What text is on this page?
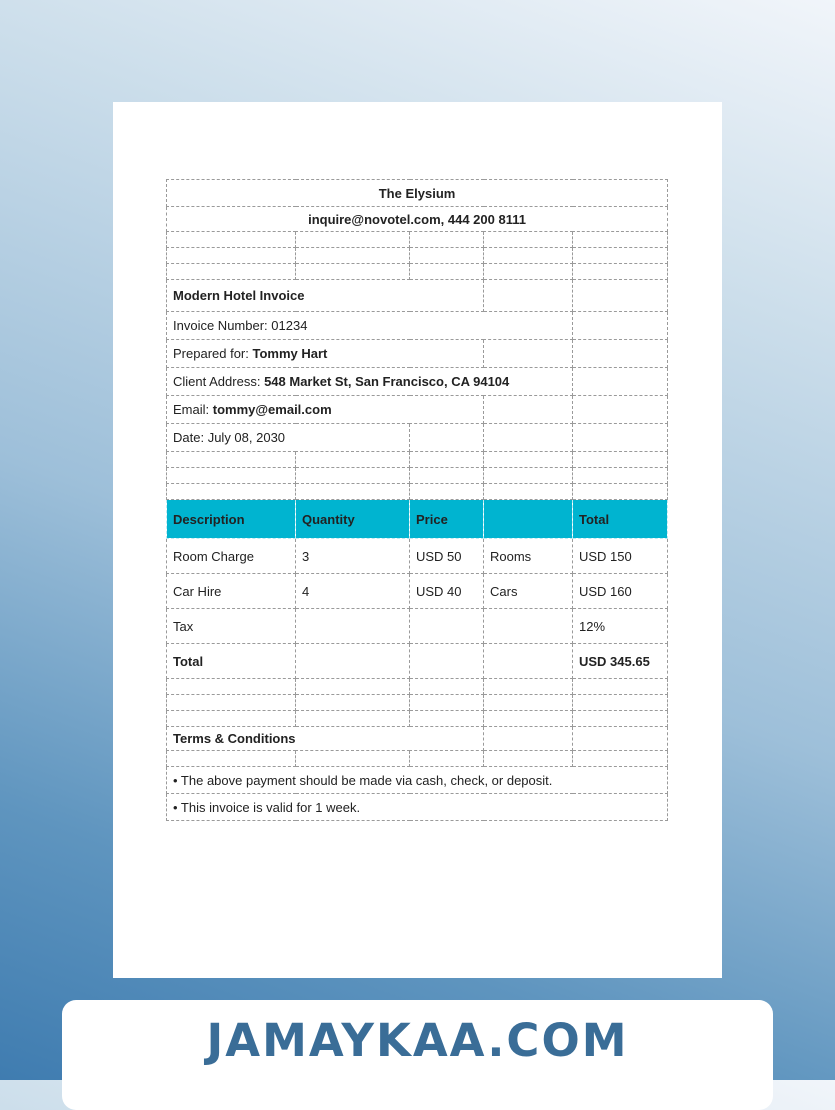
The Elysium				
inquire@novotel.com, 444 200 8111				

Modern Hotel Invoice				
Invoice Number: 01234				
Prepared for: Tommy Hart				
Client Address: 548 Market St, San Francisco, CA 94104				
Email: tommy@email.com				
Date: July 08, 2030				

Description	Quantity	Price		Total
Room Charge	3	USD 50	Rooms	USD 150
Car Hire	4	USD 40	Cars	USD 160
Tax				12%
Total				USD 345.65

Terms & Conditions				

• The above payment should be made via cash, check, or deposit.				
• This invoice is valid for 1 week.				
JAMAYKAA.COM
